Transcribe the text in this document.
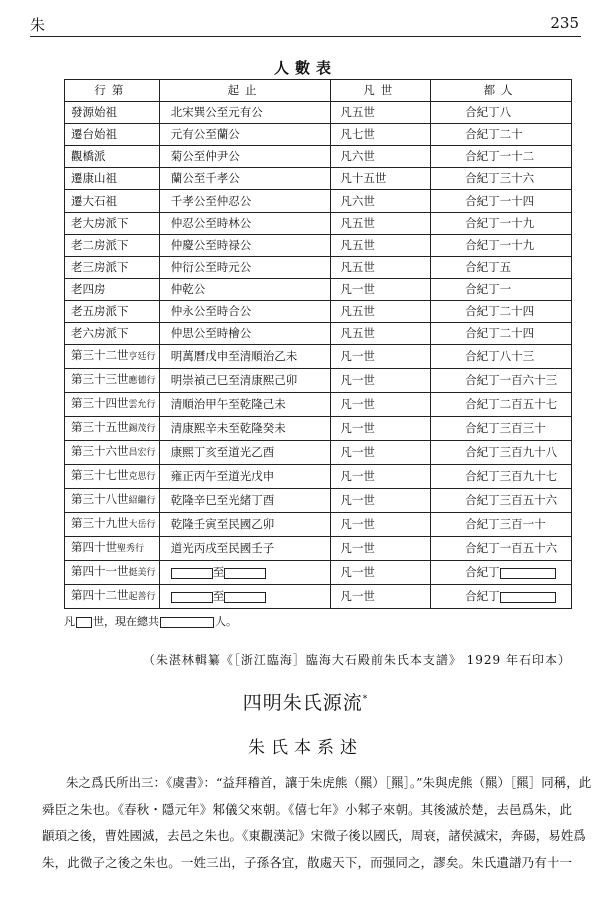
朱	235
人數表
行第	起止	凡世	都人
發源始祖	北宋巽公至元有公	凡五世	合紀丁八
遷台始祖	元有公至蘭公	凡七世	合紀丁二十
觀橋派	菊公至仲尹公	凡六世	合紀丁一十二
遷康山祖	蘭公至千孝公	凡十五世	合紀丁三十六
遷大石祖	千孝公至仲忍公	凡六世	合紀丁一十四
老大房派下	仲忍公至時林公	凡五世	合紀丁一十九
老二房派下	仲慶公至時禄公	凡五世	合紀丁一十九
老三房派下	仲衍公至時元公	凡五世	合紀丁五
老四房	仲乾公	凡一世	合紀丁一
老五房派下	仲永公至時合公	凡五世	合紀丁二十四
老六房派下	仲思公至時檜公	凡五世	合紀丁二十四
第三十二世亨廷行	明萬曆戊申至清順治乙未	凡一世	合紀丁八十三
第三十三世應德行	明崇禎己巳至清康熙己卯	凡一世	合紀丁一百六十三
第三十四世雲允行	清順治甲午至乾隆己未	凡一世	合紀丁二百五十七
第三十五世錫茂行	清康熙辛未至乾隆癸未	凡一世	合紀丁三百三十
第三十六世昌宏行	康熙丁亥至道光乙酉	凡一世	合紀丁三百九十八
第三十七世克思行	雍正丙午至道光戊申	凡一世	合紀丁三百九十七
第三十八世紹繼行	乾隆辛巳至光緒丁酉	凡一世	合紀丁三百五十六
第三十九世大岳行	乾隆壬寅至民國乙卯	凡一世	合紀丁三百一十
第四十世聖秀行	道光丙戌至民國壬子	凡一世	合紀丁一百五十六
第四十一世挺美行	至	凡一世	合紀丁
第四十二世起善行	至	凡一世	合紀丁
凡 世，現在總共	人。
（朱湛林輯纂《［浙江臨海］臨海大石殿前朱氏本支譜》 1929 年石印本）
四明朱氏源流*
朱氏本系述
朱之爲氏所出三：《虞書》：“益拜稽首，讓于朱虎熊（羆）［羆］。”朱與虎熊（羆）［羆］同稱，此
舜臣之朱也。《春秋・隱元年》邾儀父來朝。《僖七年》小邾子來朝。其後滅於楚，去邑爲朱，此
顓頊之後，曹姓國滅，去邑之朱也。《東觀漢記》宋微子後以國氏，周衰，諸侯滅宋，奔碭，易姓爲
朱，此微子之後之朱也。一姓三出，子孫各宜，散處天下，而强同之，謬矣。朱氏遺譜乃有十一
